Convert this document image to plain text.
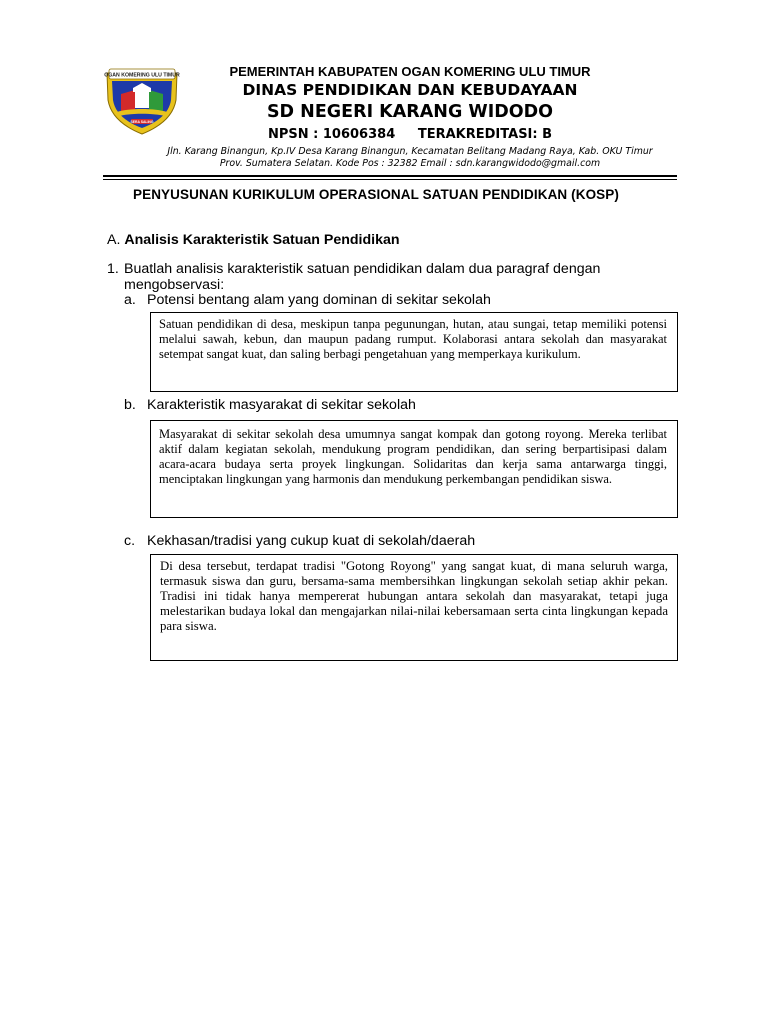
OGAN KOMERING ULU TIMUR
SERA SALING
PEMERINTAH KABUPATEN OGAN KOMERING ULU TIMUR
DINAS PENDIDIKAN DAN KEBUDAYAAN
SD NEGERI KARANG WIDODO
NPSN : 10606384     TERAKREDITASI: B
Jln. Karang Binangun, Kp.IV Desa Karang Binangun, Kecamatan Belitang Madang Raya, Kab. OKU Timur
Prov. Sumatera Selatan. Kode Pos : 32382 Email : sdn.karangwidodo@gmail.com
PENYUSUNAN KURIKULUM OPERASIONAL SATUAN PENDIDIKAN (KOSP)
A. Analisis Karakteristik Satuan Pendidikan
1. Buatlah analisis karakteristik satuan pendidikan dalam dua paragraf dengan
mengobservasi:
a. Potensi bentang alam yang dominan di sekitar sekolah

Satuan pendidikan di desa, meskipun tanpa pegunungan, hutan, atau sungai, tetap memiliki potensi melalui sawah, kebun, dan maupun padang rumput. Kolaborasi antara sekolah dan masyarakat setempat sangat kuat, dan saling berbagi pengetahuan yang memperkaya kurikulum.

b. Karakteristik masyarakat di sekitar sekolah

Masyarakat di sekitar sekolah desa umumnya sangat kompak dan gotong royong. Mereka terlibat aktif dalam kegiatan sekolah, mendukung program pendidikan, dan sering berpartisipasi dalam acara-acara budaya serta proyek lingkungan. Solidaritas dan kerja sama antarwarga tinggi, menciptakan lingkungan yang harmonis dan mendukung perkembangan pendidikan siswa.

c. Kekhasan/tradisi yang cukup kuat di sekolah/daerah

Di desa tersebut, terdapat tradisi "Gotong Royong" yang sangat kuat, di mana seluruh warga, termasuk siswa dan guru, bersama-sama membersihkan lingkungan sekolah setiap akhir pekan. Tradisi ini tidak hanya mempererat hubungan antara sekolah dan masyarakat, tetapi juga melestarikan budaya lokal dan mengajarkan nilai-nilai kebersamaan serta cinta lingkungan kepada para siswa.
